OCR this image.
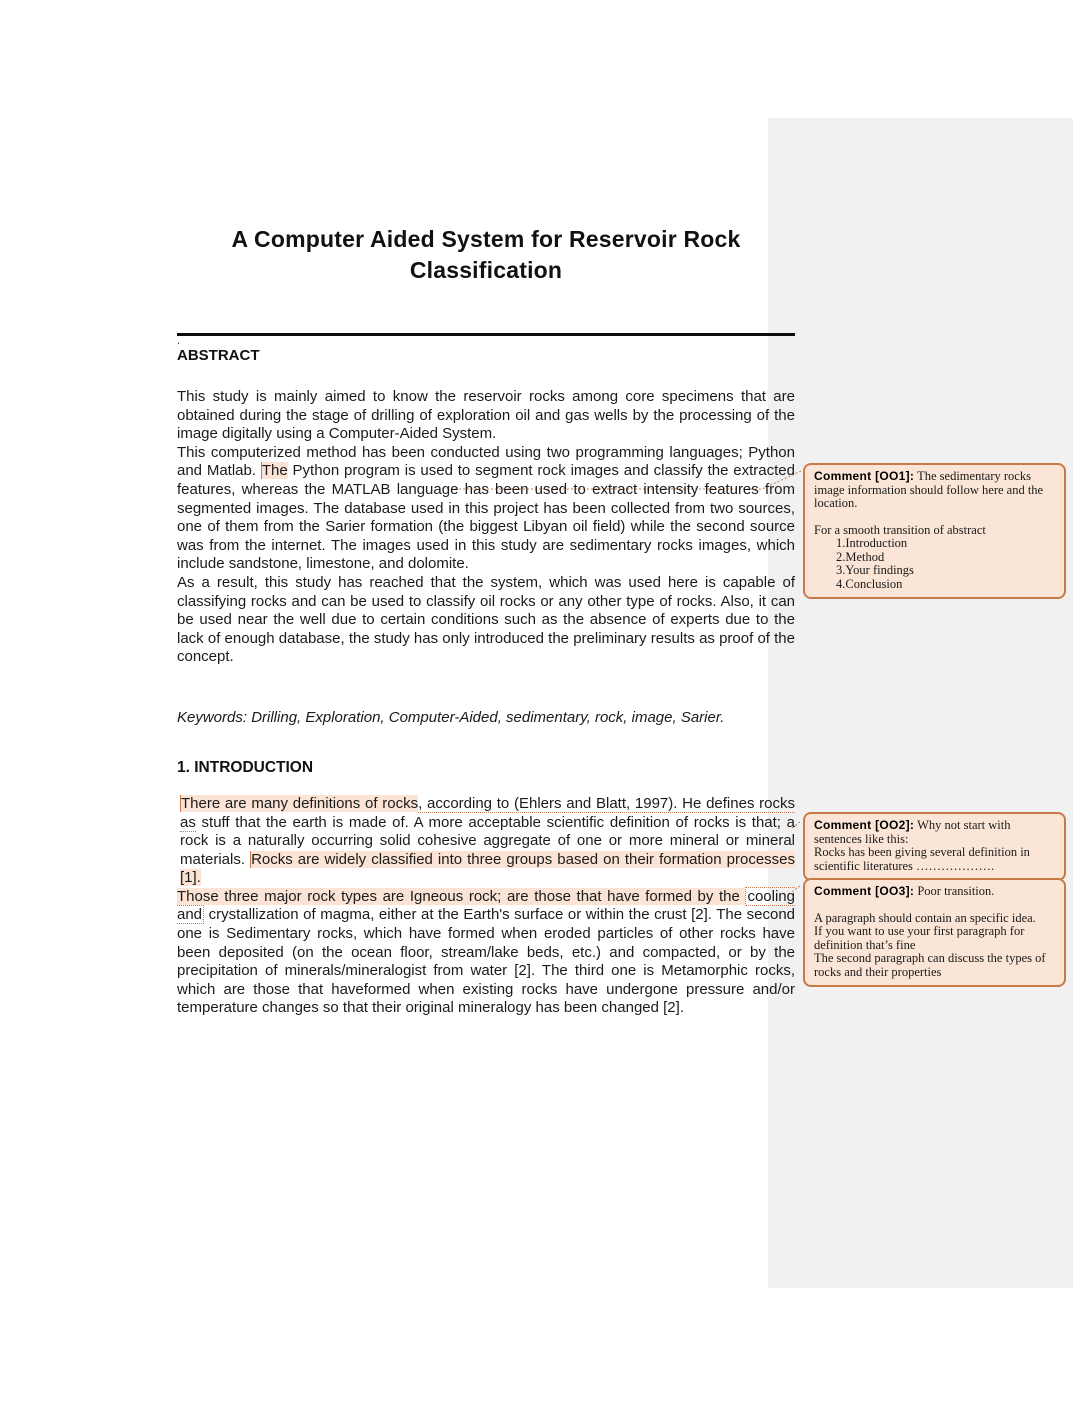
A Computer Aided System for Reservoir Rock
Classification
.
ABSTRACT

This study is mainly aimed to know the reservoir rocks among core specimens that are obtained during the stage of drilling of exploration oil and gas wells by the processing of the image digitally using a Computer-Aided System.

This computerized method has been conducted using two programming languages; Python and Matlab. The Python program is used to segment rock images and classify the extracted features, whereas the MATLAB language has been used to extract intensity features from segmented images. The database used in this project has been collected from two sources, one of them from the Sarier formation (the biggest Libyan oil field) while the second source was from the internet. The images used in this study are sedimentary rocks images, which include sandstone, limestone, and dolomite.

As a result, this study has reached that the system, which was used here is capable of classifying rocks and can be used to classify oil rocks or any other type of rocks. Also, it can be used near the well due to certain conditions such as the absence of experts due to the lack of enough database, the study has only introduced the preliminary results as proof of the concept.

Keywords: Drilling, Exploration, Computer-Aided, sedimentary, rock, image, Sarier.

1. INTRODUCTION

There are many definitions of rocks, according to (Ehlers and Blatt, 1997). He defines rocks as stuff that the earth is made of. A more acceptable scientific definition of rocks is that; a rock is a naturally occurring solid cohesive aggregate of one or more mineral or mineral materials. Rocks are widely classified into three groups based on their formation processes [1].

Those three major rock types are Igneous rock; are those that have formed by the cooling and crystallization of magma, either at the Earth's surface or within the crust [2]. The second one is Sedimentary rocks, which have formed when eroded particles of other rocks have been deposited (on the ocean floor, stream/lake beds, etc.) and compacted, or by the precipitation of minerals/mineralogist from water [2]. The third one is Metamorphic rocks, which are those that haveformed when existing rocks have undergone pressure and/or temperature changes so that their original mineralogy has been changed [2].

Comment [OO1]: The sedimentary rocks image information should follow here and the location.
For a smooth transition of abstract
1.Introduction
2.Method
3.Your findings
4.Conclusion
Comment [OO2]: Why not start with sentences like this:
Rocks has been giving several definition in scientific literatures ……………….
Comment [OO3]: Poor transition.
A paragraph should contain an specific idea.
If you want to use your first paragraph for definition that’s fine
The second paragraph can discuss the types of rocks and their properties
